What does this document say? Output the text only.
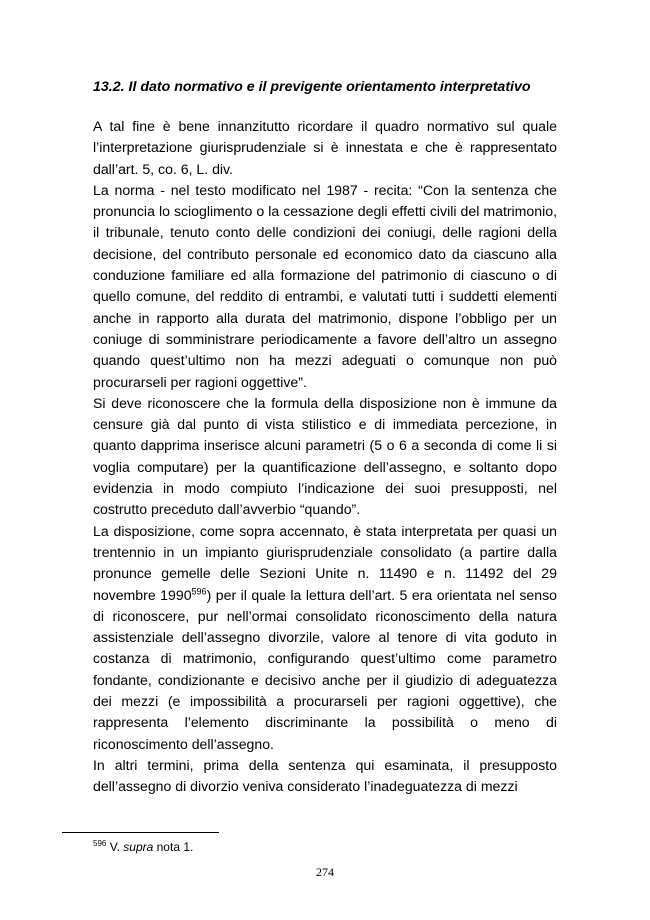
13.2. Il dato normativo e il previgente orientamento interpretativo

A tal fine è bene innanzitutto ricordare il quadro normativo sul quale l’interpretazione giurisprudenziale si è innestata e che è rappresentato dall’art. 5, co. 6, L. div.

La norma - nel testo modificato nel 1987 - recita: “Con la sentenza che pronuncia lo scioglimento o la cessazione degli effetti civili del matrimonio, il tribunale, tenuto conto delle condizioni dei coniugi, delle ragioni della decisione, del contributo personale ed economico dato da ciascuno alla conduzione familiare ed alla formazione del patrimonio di ciascuno o di quello comune, del reddito di entrambi, e valutati tutti i suddetti elementi anche in rapporto alla durata del matrimonio, dispone l’obbligo per un coniuge di somministrare periodicamente a favore dell’altro un assegno quando quest’ultimo non ha mezzi adeguati o comunque non può procurarseli per ragioni oggettive”.

Si deve riconoscere che la formula della disposizione non è immune da censure già dal punto di vista stilistico e di immediata percezione, in quanto dapprima inserisce alcuni parametri (5 o 6 a seconda di come li si voglia computare) per la quantificazione dell’assegno, e soltanto dopo evidenzia in modo compiuto l’indicazione dei suoi presupposti, nel costrutto preceduto dall’avverbio “quando”.

La disposizione, come sopra accennato, è stata interpretata per quasi un trentennio in un impianto giurisprudenziale consolidato (a partire dalla pronunce gemelle delle Sezioni Unite n. 11490 e n. 11492 del 29 novembre 1990$^{596}$) per il quale la lettura dell’art. 5 era orientata nel senso di riconoscere, pur nell’ormai consolidato riconoscimento della natura assistenziale dell’assegno divorzile, valore al tenore di vita goduto in costanza di matrimonio, configurando quest’ultimo come parametro fondante, condizionante e decisivo anche per il giudizio di adeguatezza dei mezzi (e impossibilità a procurarseli per ragioni oggettive), che rappresenta l’elemento discriminante la possibilità o meno di riconoscimento dell’assegno.

In altri termini, prima della sentenza qui esaminata, il presupposto dell’assegno di divorzio veniva considerato l’inadeguatezza di mezzi

$^{596}$ V. supra nota 1.
274
